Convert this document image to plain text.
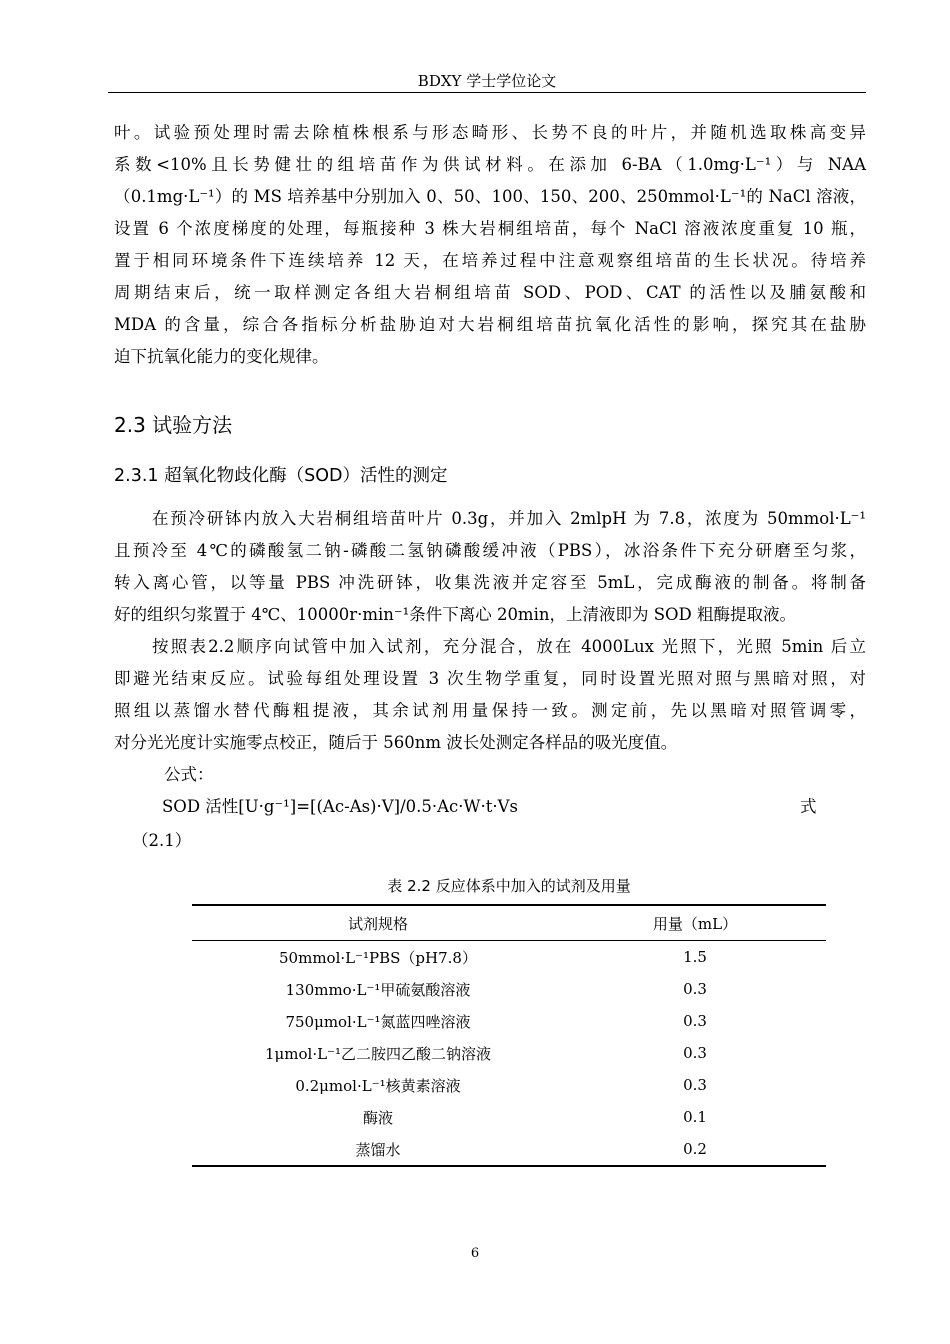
BDXY 学士学位论文
叶。试验预处理时需去除植株根系与形态畸形、长势不良的叶片，并随机选取株高变异
系数<10%且长势健壮的组培苗作为供试材料。在添加 6-BA（1.0mg·L⁻¹）与 NAA
（0.1mg·L⁻¹）的 MS 培养基中分别加入 0、50、100、150、200、250mmol·L⁻¹的 NaCl 溶液，
设置 6 个浓度梯度的处理，每瓶接种 3 株大岩桐组培苗，每个 NaCl 溶液浓度重复 10 瓶，
置于相同环境条件下连续培养 12 天，在培养过程中注意观察组培苗的生长状况。待培养
周期结束后，统一取样测定各组大岩桐组培苗 SOD、POD、CAT 的活性以及脯氨酸和
MDA 的含量，综合各指标分析盐胁迫对大岩桐组培苗抗氧化活性的影响，探究其在盐胁
迫下抗氧化能力的变化规律。
2.3 试验方法
2.3.1 超氧化物歧化酶（SOD）活性的测定
在预冷研钵内放入大岩桐组培苗叶片 0.3g，并加入 2mlpH 为 7.8，浓度为 50mmol·L⁻¹
且预冷至 4℃的磷酸氢二钠-磷酸二氢钠磷酸缓冲液（PBS），冰浴条件下充分研磨至匀浆，
转入离心管，以等量 PBS 冲洗研钵，收集洗液并定容至 5mL，完成酶液的制备。将制备
好的组织匀浆置于 4℃、10000r·min⁻¹条件下离心 20min，上清液即为 SOD 粗酶提取液。
按照表2.2顺序向试管中加入试剂，充分混合，放在 4000Lux 光照下，光照 5min 后立
即避光结束反应。试验每组处理设置 3 次生物学重复，同时设置光照对照与黑暗对照，对
照组以蒸馏水替代酶粗提液，其余试剂用量保持一致。测定前，先以黑暗对照管调零，
对分光光度计实施零点校正，随后于 560nm 波长处测定各样品的吸光度值。
公式：
SOD 活性[U·g⁻¹]=[(Ac-As)·V]/0.5·Ac·W·t·Vs	式
（2.1）
表 2.2 反应体系中加入的试剂及用量
试剂规格	用量（mL）
50mmol·L⁻¹PBS（pH7.8）	1.5
130mmo·L⁻¹甲硫氨酸溶液	0.3
750μmol·L⁻¹氮蓝四唑溶液	0.3
1μmol·L⁻¹乙二胺四乙酸二钠溶液	0.3
0.2μmol·L⁻¹核黄素溶液	0.3
酶液	0.1
蒸馏水	0.2
6
